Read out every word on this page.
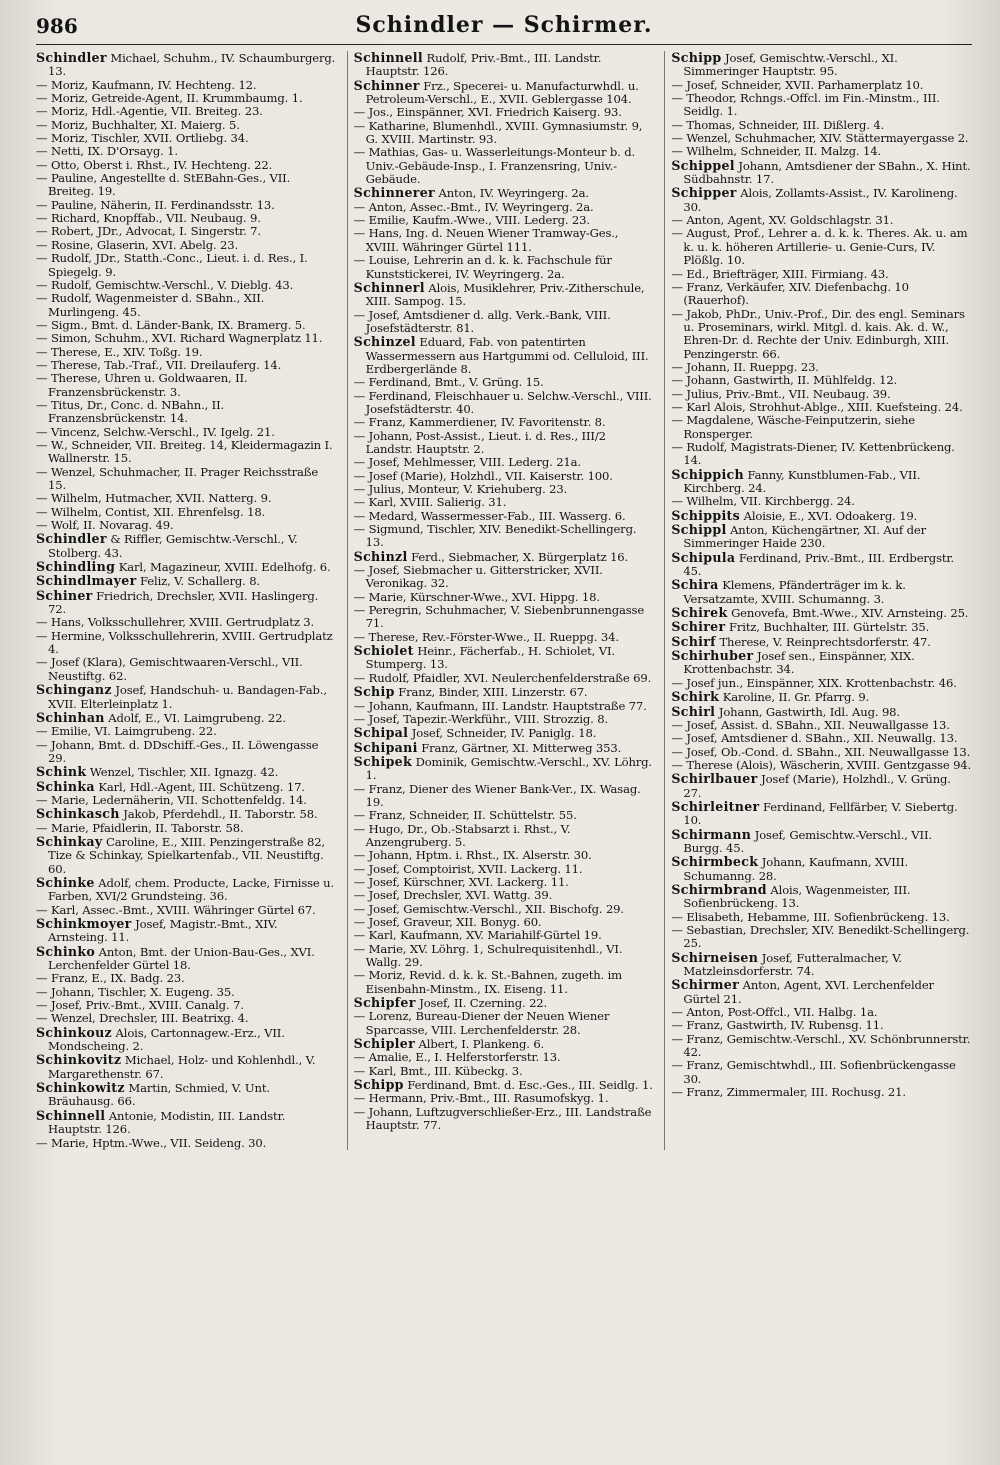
986	Schindler — Schirmer.
Schindler Michael, Schuhm., IV. Schaumburgerg. 13.
— Moriz, Kaufmann, IV. Hechteng. 12.
— Moriz, Getreide-Agent, II. Krummbaumg. 1.
— Moriz, Hdl.-Agentie, VII. Breiteg. 23.
— Moriz, Buchhalter, XI. Maierg. 5.
— Moriz, Tischler, XVII. Ortliebg. 34.
— Netti, IX. D'Orsayg. 1.
— Otto, Oberst i. Rhst., IV. Hechteng. 22.
— Pauline, Angestellte d. StEBahn-Ges., VII. Breiteg. 19.
— Pauline, Näherin, II. Ferdinandsstr. 13.
— Richard, Knopffab., VII. Neubaug. 9.
— Robert, JDr., Advocat, I. Singerstr. 7.
— Rosine, Glaserin, XVI. Abelg. 23.
— Rudolf, JDr., Statth.-Conc., Lieut. i. d. Res., I. Spiegelg. 9.
— Rudolf, Gemischtw.-Verschl., V. Dieblg. 43.
— Rudolf, Wagenmeister d. SBahn., XII. Murlingeng. 45.
— Sigm., Bmt. d. Länder-Bank, IX. Bramerg. 5.
— Simon, Schuhm., XVI. Richard Wagnerplatz 11.
— Therese, E., XIV. Toßg. 19.
— Therese, Tab.-Traf., VII. Dreilauferg. 14.
— Therese, Uhren u. Goldwaaren, II. Franzensbrückenstr. 3.
— Titus, Dr., Conc. d. NBahn., II. Franzensbrückenstr. 14.
— Vincenz, Selchw.-Verschl., IV. Igelg. 21.
— W., Schneider, VII. Breiteg. 14, Kleidermagazin I. Wallnerstr. 15.
— Wenzel, Schuhmacher, II. Prager Reichsstraße 15.
— Wilhelm, Hutmacher, XVII. Natterg. 9.
— Wilhelm, Contist, XII. Ehrenfelsg. 18.
— Wolf, II. Novarag. 49.
Schindler & Riffler, Gemischtw.-Verschl., V. Stolberg. 43.
Schindling Karl, Magazineur, XVIII. Edelhofg. 6.
Schindlmayer Feliz, V. Schallerg. 8.
Schiner Friedrich, Drechsler, XVII. Haslingerg. 72.
— Hans, Volksschullehrer, XVIII. Gertrudplatz 3.
— Hermine, Volksschullehrerin, XVIII. Gertrudplatz 4.
— Josef (Klara), Gemischtwaaren-Verschl., VII. Neustiftg. 62.
Schinganz Josef, Handschuh- u. Bandagen-Fab., XVII. Elterleinplatz 1.
Schinhan Adolf, E., VI. Laimgrubeng. 22.
— Emilie, VI. Laimgrubeng. 22.
— Johann, Bmt. d. DDschiff.-Ges., II. Löwengasse 29.
Schink Wenzel, Tischler, XII. Ignazg. 42.
Schinka Karl, Hdl.-Agent, III. Schützeng. 17.
— Marie, Ledernäherin, VII. Schottenfeldg. 14.
Schinkasch Jakob, Pferdehdl., II. Taborstr. 58.
— Marie, Pfaidlerin, II. Taborstr. 58.
Schinkay Caroline, E., XIII. Penzingerstraße 82, Tize & Schinkay, Spielkartenfab., VII. Neustiftg. 60.
Schinke Adolf, chem. Producte, Lacke, Firnisse u. Farben, XVI/2 Grundsteing. 36.
— Karl, Assec.-Bmt., XVIII. Währinger Gürtel 67.
Schinkmoyer Josef, Magistr.-Bmt., XIV. Arnsteing. 11.
Schinko Anton, Bmt. der Union-Bau-Ges., XVI. Lerchenfelder Gürtel 18.
— Franz, E., IX. Badg. 23.
— Johann, Tischler, X. Eugeng. 35.
— Josef, Priv.-Bmt., XVIII. Canalg. 7.
— Wenzel, Drechsler, III. Beatrixg. 4.
Schinkouz Alois, Cartonnagew.-Erz., VII. Mondscheing. 2.
Schinkovitz Michael, Holz- und Kohlenhdl., V. Margarethenstr. 67.
Schinkowitz Martin, Schmied, V. Unt. Bräuhausg. 66.
Schinnell Antonie, Modistin, III. Landstr. Hauptstr. 126.
— Marie, Hptm.-Wwe., VII. Seideng. 30.
Schinnell Rudolf, Priv.-Bmt., III. Landstr. Hauptstr. 126.
Schinner Frz., Specerei- u. Manufacturwhdl. u. Petroleum-Verschl., E., XVII. Geblergasse 104.
— Jos., Einspänner, XVI. Friedrich Kaiserg. 93.
— Katharine, Blumenhdl., XVIII. Gymnasiumstr. 9, G. XVIII. Martinstr. 93.
— Mathias, Gas- u. Wasserleitungs-Monteur b. d. Univ.-Gebäude-Insp., I. Franzensring, Univ.-Gebäude.
Schinnerer Anton, IV. Weyringerg. 2a.
— Anton, Assec.-Bmt., IV. Weyringerg. 2a.
— Emilie, Kaufm.-Wwe., VIII. Lederg. 23.
— Hans, Ing. d. Neuen Wiener Tramway-Ges., XVIII. Währinger Gürtel 111.
— Louise, Lehrerin an d. k. k. Fachschule für Kunststickerei, IV. Weyringerg. 2a.
Schinnerl Alois, Musiklehrer, Priv.-Zitherschule, XIII. Sampog. 15.
— Josef, Amtsdiener d. allg. Verk.-Bank, VIII. Josefstädterstr. 81.
Schinzel Eduard, Fab. von patentirten Wassermessern aus Hartgummi od. Celluloid, III. Erdbergerlände 8.
— Ferdinand, Bmt., V. Grüng. 15.
— Ferdinand, Fleischhauer u. Selchw.-Verschl., VIII. Josefstädterstr. 40.
— Franz, Kammerdiener, IV. Favoritenstr. 8.
— Johann, Post-Assist., Lieut. i. d. Res., III/2 Landstr. Hauptstr. 2.
— Josef, Mehlmesser, VIII. Lederg. 21a.
— Josef (Marie), Holzhdl., VII. Kaiserstr. 100.
— Julius, Monteur, V. Kriehuberg. 23.
— Karl, XVIII. Salierig. 31.
— Medard, Wassermesser-Fab., III. Wasserg. 6.
— Sigmund, Tischler, XIV. Benedikt-Schellingerg. 13.
Schinzl Ferd., Siebmacher, X. Bürgerplatz 16.
— Josef, Siebmacher u. Gitterstricker, XVII. Veronikag. 32.
— Marie, Kürschner-Wwe., XVI. Hippg. 18.
— Peregrin, Schuhmacher, V. Siebenbrunnengasse 71.
— Therese, Rev.-Förster-Wwe., II. Rueppg. 34.
Schiolet Heinr., Fächerfab., H. Schiolet, VI. Stumperg. 13.
— Rudolf, Pfaidler, XVI. Neulerchenfelderstraße 69.
Schip Franz, Binder, XIII. Linzerstr. 67.
— Johann, Kaufmann, III. Landstr. Hauptstraße 77.
— Josef, Tapezir.-Werkführ., VIII. Strozzig. 8.
Schipal Josef, Schneider, IV. Paniglg. 18.
Schipani Franz, Gärtner, XI. Mitterweg 353.
Schipek Dominik, Gemischtw.-Verschl., XV. Löhrg. 1.
— Franz, Diener des Wiener Bank-Ver., IX. Wasag. 19.
— Franz, Schneider, II. Schüttelstr. 55.
— Hugo, Dr., Ob.-Stabsarzt i. Rhst., V. Anzengruberg. 5.
— Johann, Hptm. i. Rhst., IX. Alserstr. 30.
— Josef, Comptoirist, XVII. Lackerg. 11.
— Josef, Kürschner, XVI. Lackerg. 11.
— Josef, Drechsler, XVI. Wattg. 39.
— Josef, Gemischtw.-Verschl., XII. Bischofg. 29.
— Josef, Graveur, XII. Bonyg. 60.
— Karl, Kaufmann, XV. Mariahilf-Gürtel 19.
— Marie, XV. Löhrg. 1, Schulrequisitenhdl., VI. Wallg. 29.
— Moriz, Revid. d. k. k. St.-Bahnen, zugeth. im Eisenbahn-Minstm., IX. Eiseng. 11.
Schipfer Josef, II. Czerning. 22.
— Lorenz, Bureau-Diener der Neuen Wiener Sparcasse, VIII. Lerchenfelderstr. 28.
Schipler Albert, I. Plankeng. 6.
— Amalie, E., I. Helferstorferstr. 13.
— Karl, Bmt., III. Kübeckg. 3.
Schipp Ferdinand, Bmt. d. Esc.-Ges., III. Seidlg. 1.
— Hermann, Priv.-Bmt., III. Rasumofskyg. 1.
— Johann, Luftzugverschließer-Erz., III. Landstraße Hauptstr. 77.
Schipp Josef, Gemischtw.-Verschl., XI. Simmeringer Hauptstr. 95.
— Josef, Schneider, XVII. Parhamerplatz 10.
— Theodor, Rchngs.-Offcl. im Fin.-Minstm., III. Seidlg. 1.
— Thomas, Schneider, III. Dißlerg. 4.
— Wenzel, Schuhmacher, XIV. Stättermayergasse 2.
— Wilhelm, Schneider, II. Malzg. 14.
Schippel Johann, Amtsdiener der SBahn., X. Hint. Südbahnstr. 17.
Schipper Alois, Zollamts-Assist., IV. Karolineng. 30.
— Anton, Agent, XV. Goldschlagstr. 31.
— August, Prof., Lehrer a. d. k. k. Theres. Ak. u. am k. u. k. höheren Artillerie- u. Genie-Curs, IV. Plößlg. 10.
— Ed., Briefträger, XIII. Firmiang. 43.
— Franz, Verkäufer, XIV. Diefenbachg. 10 (Rauerhof).
— Jakob, PhDr., Univ.-Prof., Dir. des engl. Seminars u. Proseminars, wirkl. Mitgl. d. kais. Ak. d. W., Ehren-Dr. d. Rechte der Univ. Edinburgh, XIII. Penzingerstr. 66.
— Johann, II. Rueppg. 23.
— Johann, Gastwirth, II. Mühlfeldg. 12.
— Julius, Priv.-Bmt., VII. Neubaug. 39.
— Karl Alois, Strohhut-Ablge., XIII. Kuefsteing. 24.
— Magdalene, Wäsche-Feinputzerin, siehe Ronsperger.
— Rudolf, Magistrats-Diener, IV. Kettenbrückeng. 14.
Schippich Fanny, Kunstblumen-Fab., VII. Kirchberg. 24.
— Wilhelm, VII. Kirchbergg. 24.
Schippits Aloisie, E., XVI. Odoakerg. 19.
Schippl Anton, Küchengärtner, XI. Auf der Simmeringer Haide 230.
Schipula Ferdinand, Priv.-Bmt., III. Erdbergstr. 45.
Schira Klemens, Pfänderträger im k. k. Versatzamte, XVIII. Schumanng. 3.
Schirek Genovefa, Bmt.-Wwe., XIV. Arnsteing. 25.
Schirer Fritz, Buchhalter, III. Gürtelstr. 35.
Schirf Therese, V. Reinprechtsdorferstr. 47.
Schirhuber Josef sen., Einspänner, XIX. Krottenbachstr. 34.
— Josef jun., Einspänner, XIX. Krottenbachstr. 46.
Schirk Karoline, II. Gr. Pfarrg. 9.
Schirl Johann, Gastwirth, Idl. Aug. 98.
— Josef, Assist. d. SBahn., XII. Neuwallgasse 13.
— Josef, Amtsdiener d. SBahn., XII. Neuwallg. 13.
— Josef, Ob.-Cond. d. SBahn., XII. Neuwallgasse 13.
— Therese (Alois), Wäscherin, XVIII. Gentzgasse 94.
Schirlbauer Josef (Marie), Holzhdl., V. Grüng. 27.
Schirleitner Ferdinand, Fellfärber, V. Siebertg. 10.
Schirmann Josef, Gemischtw.-Verschl., VII. Burgg. 45.
Schirmbeck Johann, Kaufmann, XVIII. Schumanng. 28.
Schirmbrand Alois, Wagenmeister, III. Sofienbrückeng. 13.
— Elisabeth, Hebamme, III. Sofienbrückeng. 13.
— Sebastian, Drechsler, XIV. Benedikt-Schellingerg. 25.
Schirneisen Josef, Futteralmacher, V. Matzleinsdorferstr. 74.
Schirmer Anton, Agent, XVI. Lerchenfelder Gürtel 21.
— Anton, Post-Offcl., VII. Halbg. 1a.
— Franz, Gastwirth, IV. Rubensg. 11.
— Franz, Gemischtw.-Verschl., XV. Schönbrunnerstr. 42.
— Franz, Gemischtwhdl., III. Sofienbrückengasse 30.
— Franz, Zimmermaler, III. Rochusg. 21.
